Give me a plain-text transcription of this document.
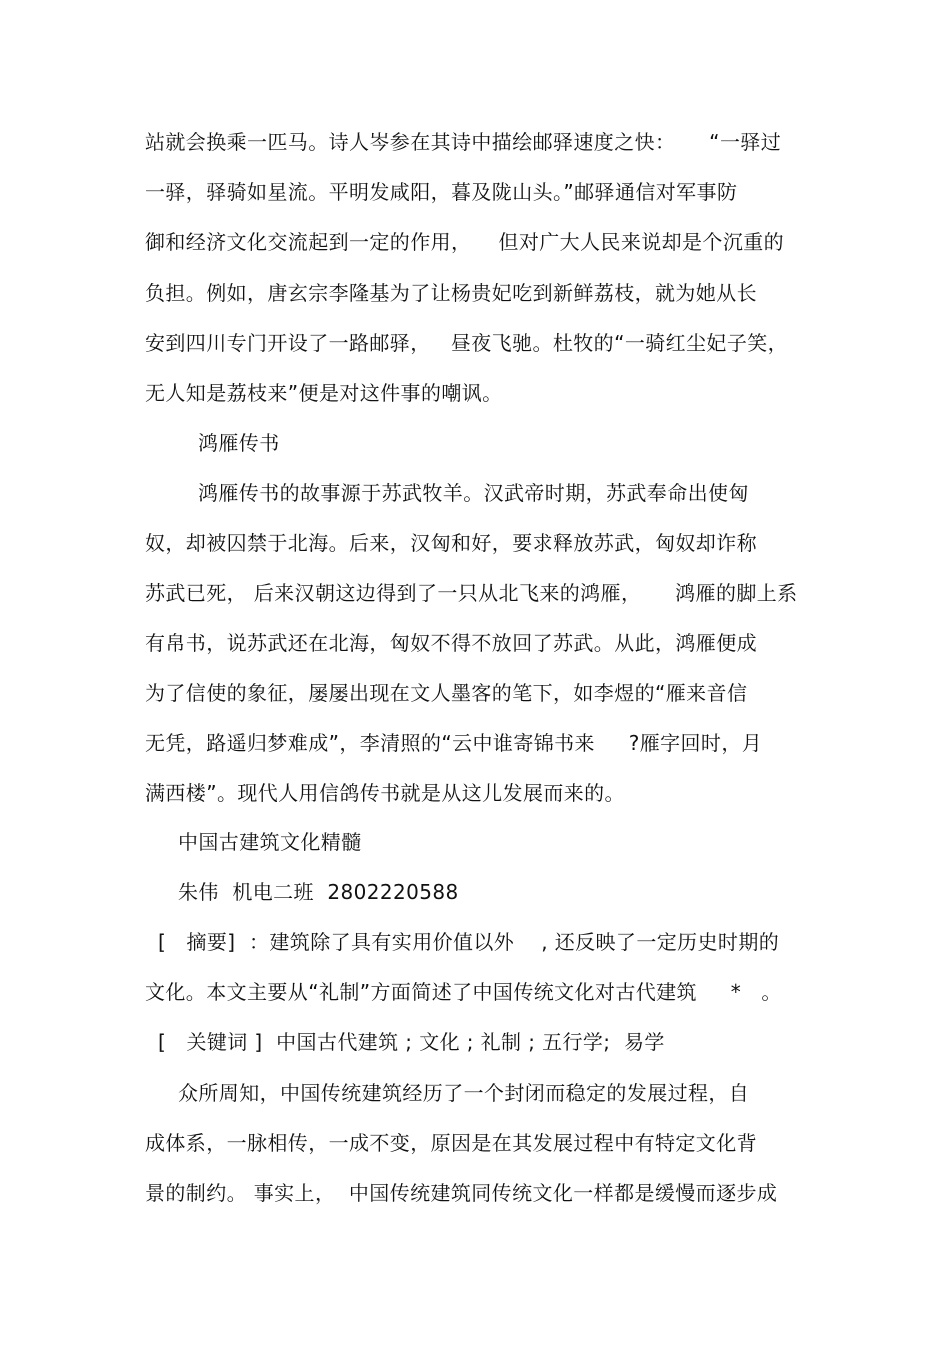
站就会换乘一匹马。诗人岑参在其诗中描绘邮驿速度之快：     “一驿过
一驿，驿骑如星流。平明发咸阳，暮及陇山头。”邮驿通信对军事防
御和经济文化交流起到一定的作用，    但对广大人民来说却是个沉重的
负担。例如，唐玄宗李隆基为了让杨贵妃吃到新鲜荔枝，就为她从长
安到四川专门开设了一路邮驿，   昼夜飞驰。杜牧的“一骑红尘妃子笑，
无人知是荔枝来”便是对这件事的嘲讽。
鸿雁传书
鸿雁传书的故事源于苏武牧羊。汉武帝时期，苏武奉命出使匈
奴，却被囚禁于北海。后来，汉匈和好，要求释放苏武，匈奴却诈称
苏武已死， 后来汉朝这边得到了一只从北飞来的鸿雁，     鸿雁的脚上系
有帛书，说苏武还在北海，匈奴不得不放回了苏武。从此，鸿雁便成
为了信使的象征，屡屡出现在文人墨客的笔下，如李煜的“雁来音信
无凭，路遥归梦难成”，李清照的“云中谁寄锦书来     ?雁字回时，月
满西楼”。现代人用信鸽传书就是从这儿发展而来的。
中国古建筑文化精髓
朱伟  机电二班  2802220588
[   摘要]  ：建筑除了具有实用价值以外    , 还反映了一定历史时期的
文化。本文主要从“礼制”方面简述了中国传统文化对古代建筑     *   。
[   关键词 ]  中国古代建筑 ; 文化 ; 礼制 ; 五行学;  易学
众所周知，中国传统建筑经历了一个封闭而稳定的发展过程，自
成体系，一脉相传，一成不变，原因是在其发展过程中有特定文化背
景的制约。 事实上，  中国传统建筑同传统文化一样都是缓慢而逐步成
